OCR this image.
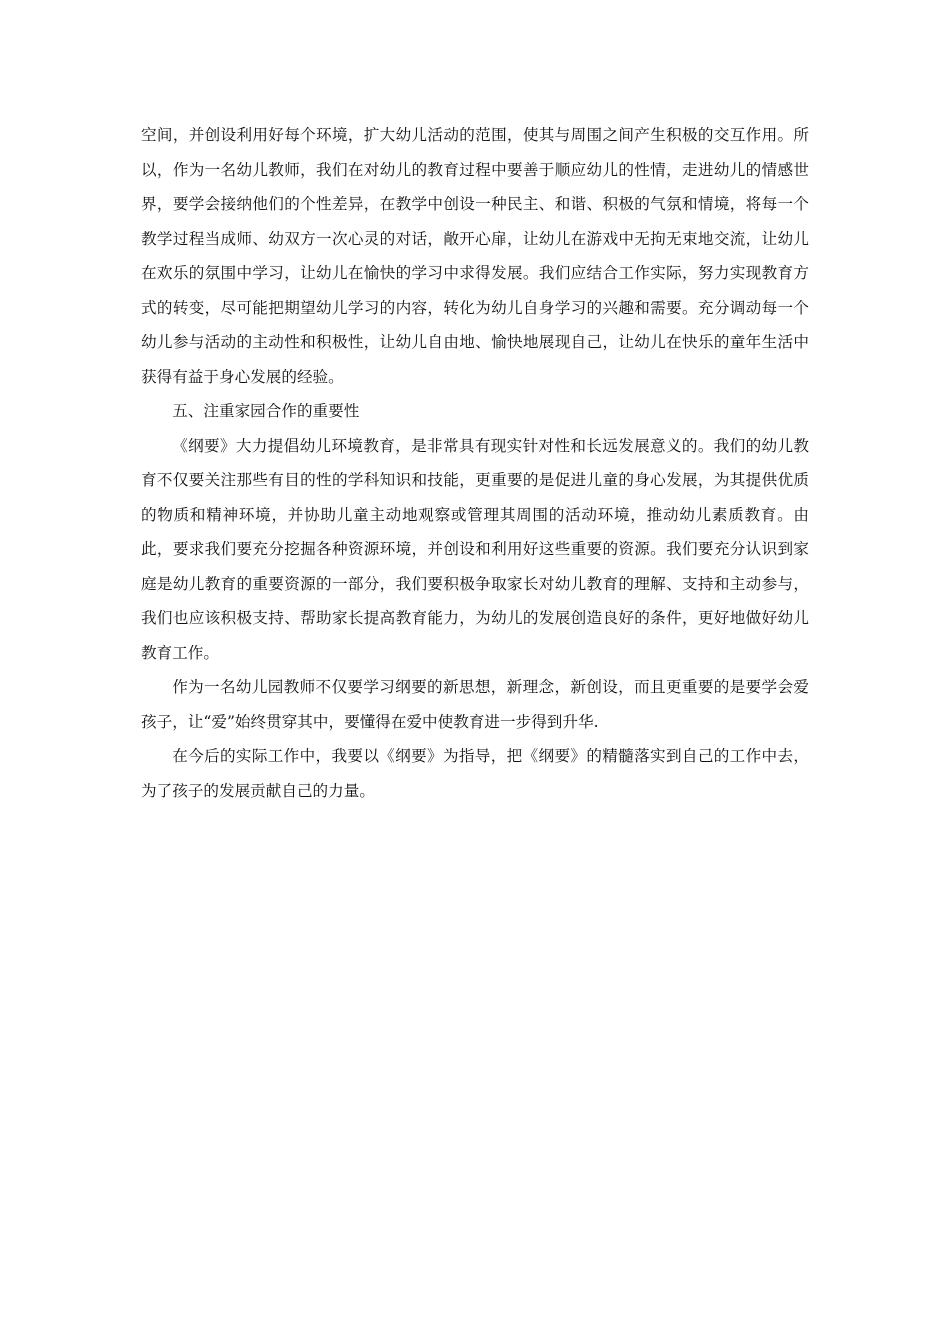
空间，并创设利用好每个环境，扩大幼儿活动的范围，使其与周围之间产生积极的交互作用。所以，作为一名幼儿教师，我们在对幼儿的教育过程中要善于顺应幼儿的性情，走进幼儿的情感世界，要学会接纳他们的个性差异，在教学中创设一种民主、和谐、积极的气氛和情境，将每一个教学过程当成师、幼双方一次心灵的对话，敞开心扉，让幼儿在游戏中无拘无束地交流，让幼儿在欢乐的氛围中学习，让幼儿在愉快的学习中求得发展。我们应结合工作实际，努力实现教育方式的转变，尽可能把期望幼儿学习的内容，转化为幼儿自身学习的兴趣和需要。充分调动每一个幼儿参与活动的主动性和积极性，让幼儿自由地、愉快地展现自己，让幼儿在快乐的童年生活中获得有益于身心发展的经验。

五、注重家园合作的重要性

《纲要》大力提倡幼儿环境教育，是非常具有现实针对性和长远发展意义的。我们的幼儿教育不仅要关注那些有目的性的学科知识和技能，更重要的是促进儿童的身心发展，为其提供优质的物质和精神环境，并协助儿童主动地观察或管理其周围的活动环境，推动幼儿素质教育。由此，要求我们要充分挖掘各种资源环境，并创设和利用好这些重要的资源。我们要充分认识到家庭是幼儿教育的重要资源的一部分，我们要积极争取家长对幼儿教育的理解、支持和主动参与，我们也应该积极支持、帮助家长提高教育能力，为幼儿的发展创造良好的条件，更好地做好幼儿教育工作。

作为一名幼儿园教师不仅要学习纲要的新思想，新理念，新创设，而且更重要的是要学会爱孩子，让“爱”始终贯穿其中，要懂得在爱中使教育进一步得到升华.

在今后的实际工作中，我要以《纲要》为指导，把《纲要》的精髓落实到自己的工作中去，为了孩子的发展贡献自己的力量。
